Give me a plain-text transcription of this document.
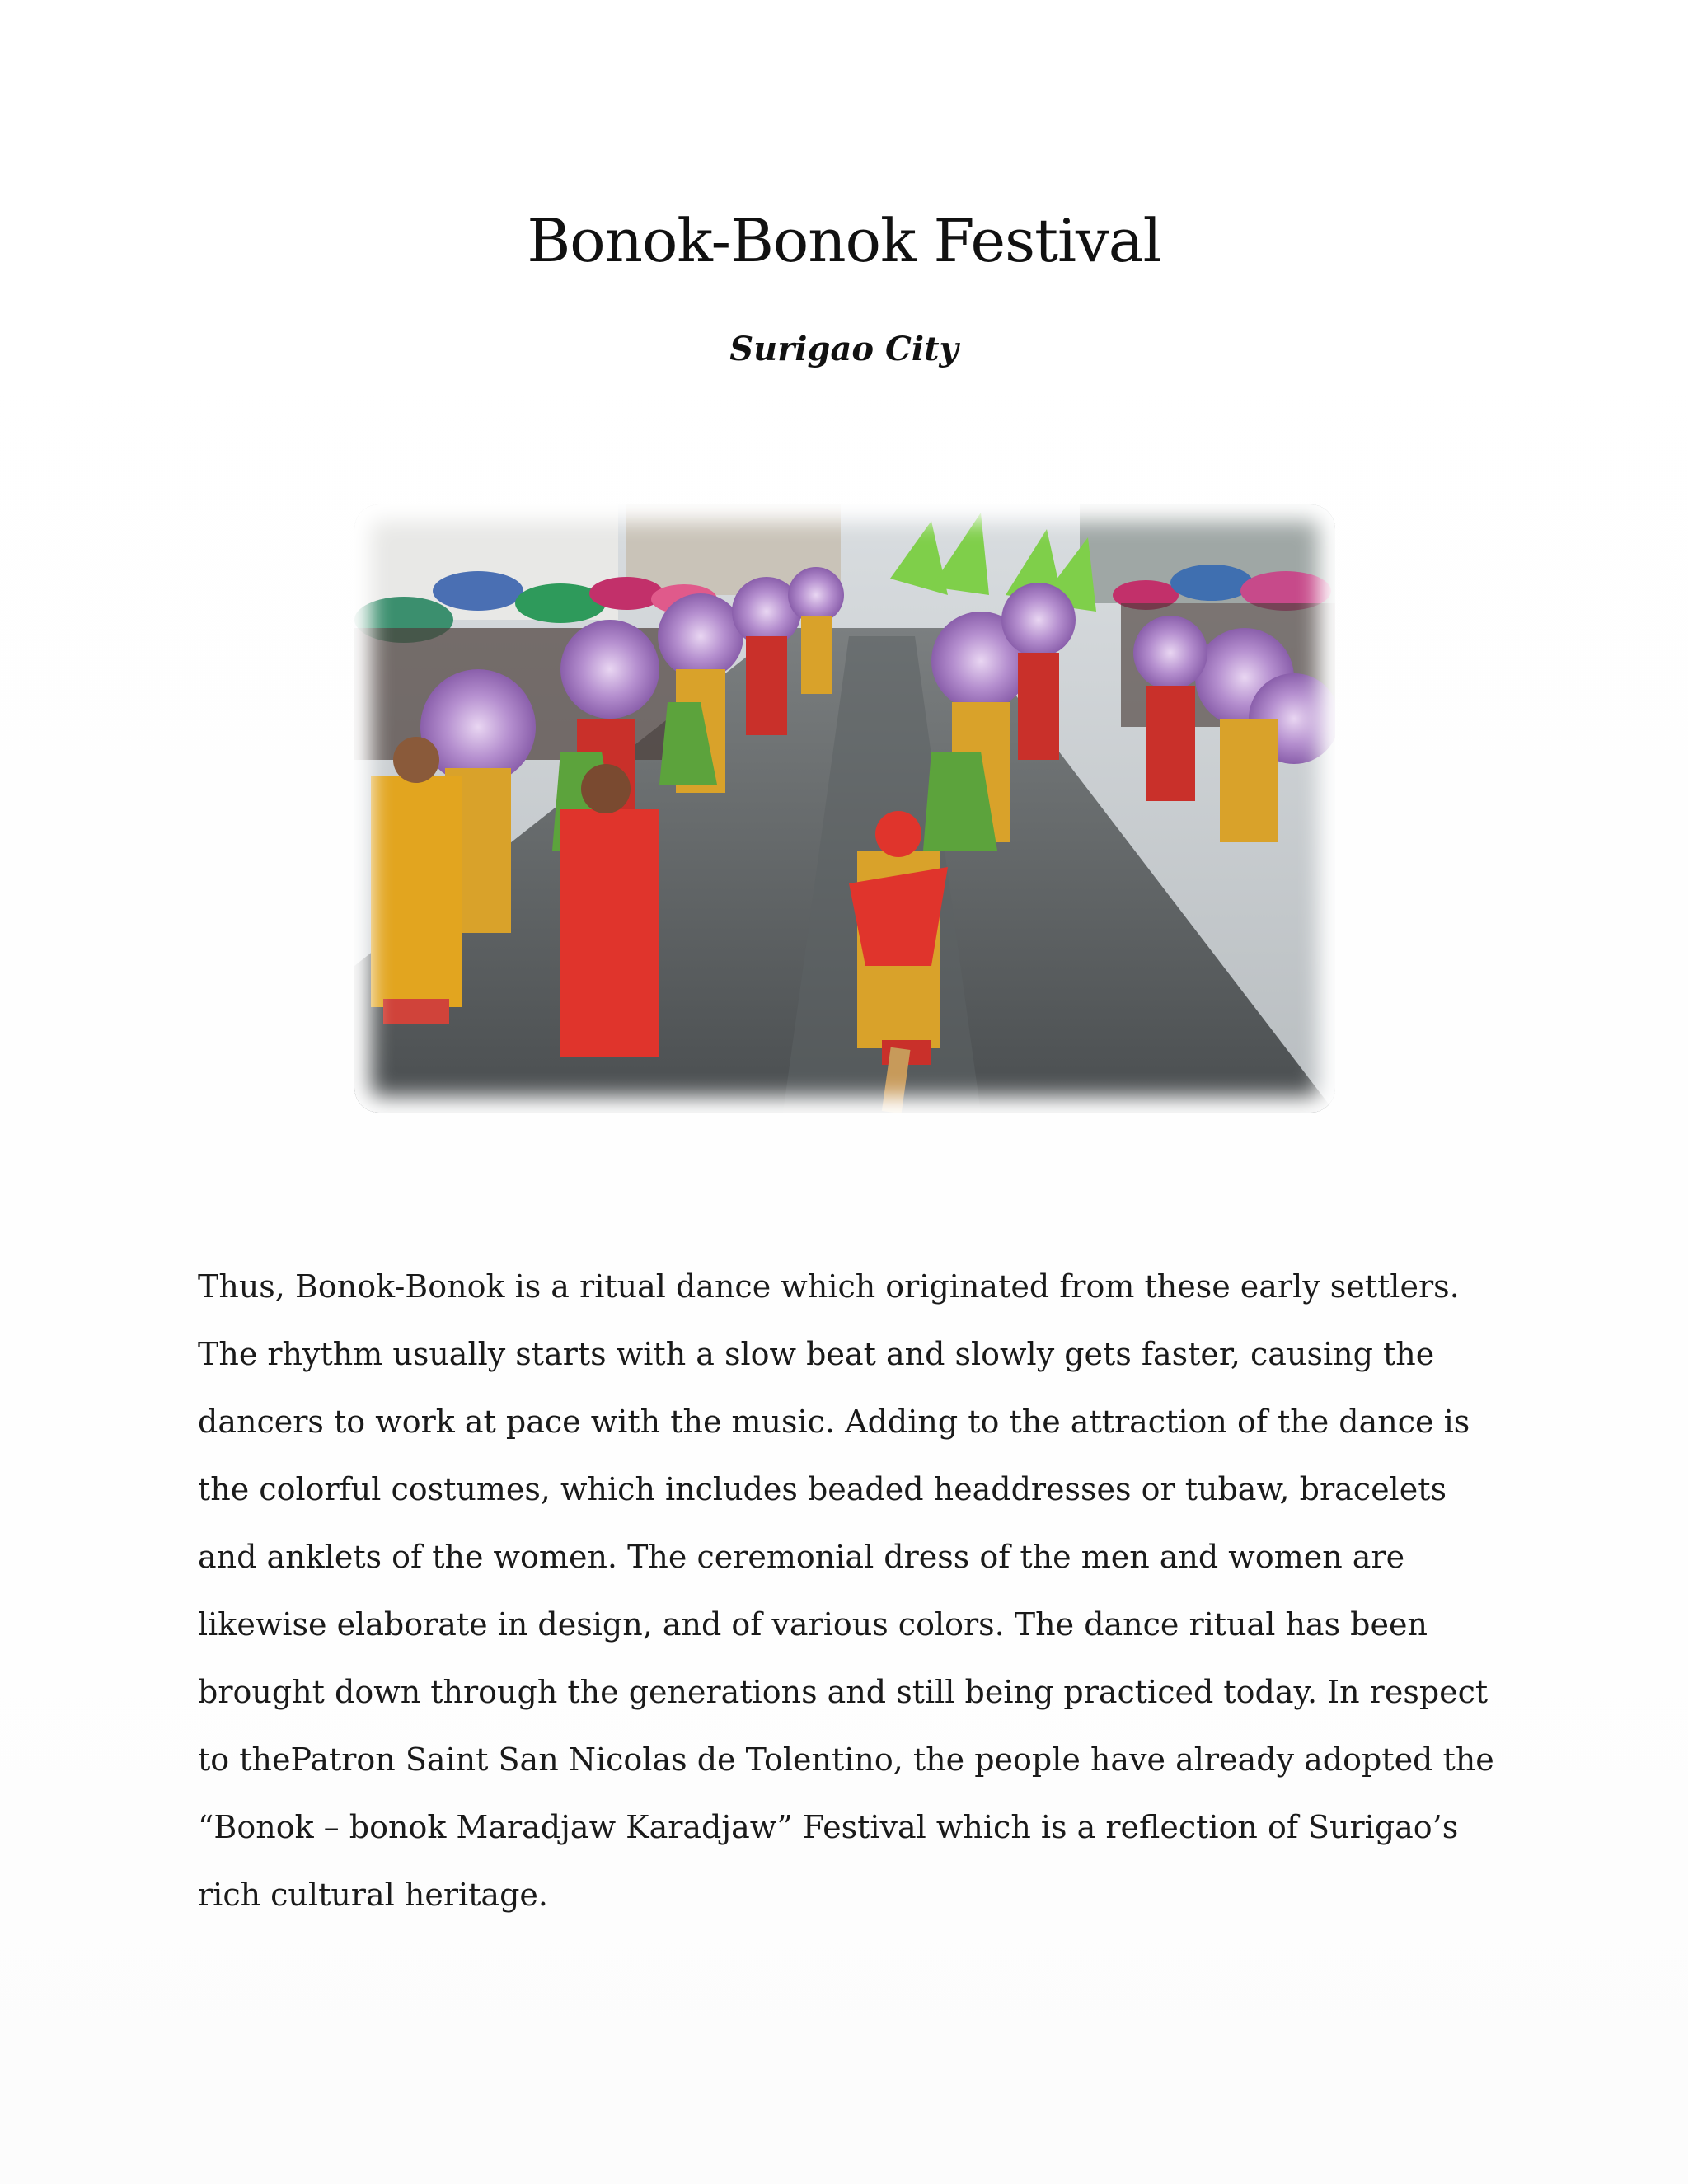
Bonok-Bonok Festival
Surigao City

Thus, Bonok-Bonok is a ritual dance which originated from these early settlers.
The rhythm usually starts with a slow beat and slowly gets faster, causing the
dancers to work at pace with the music. Adding to the attraction of the dance is
the colorful costumes, which includes beaded headdresses or tubaw, bracelets
and anklets of the women. The ceremonial dress of the men and women are
likewise elaborate in design, and of various colors. The dance ritual has been
brought down through the generations and still being practiced today. In respect
to thePatron Saint San Nicolas de Tolentino, the people have already adopted the
“Bonok – bonok Maradjaw Karadjaw” Festival which is a reflection of Surigao’s
rich cultural heritage.
